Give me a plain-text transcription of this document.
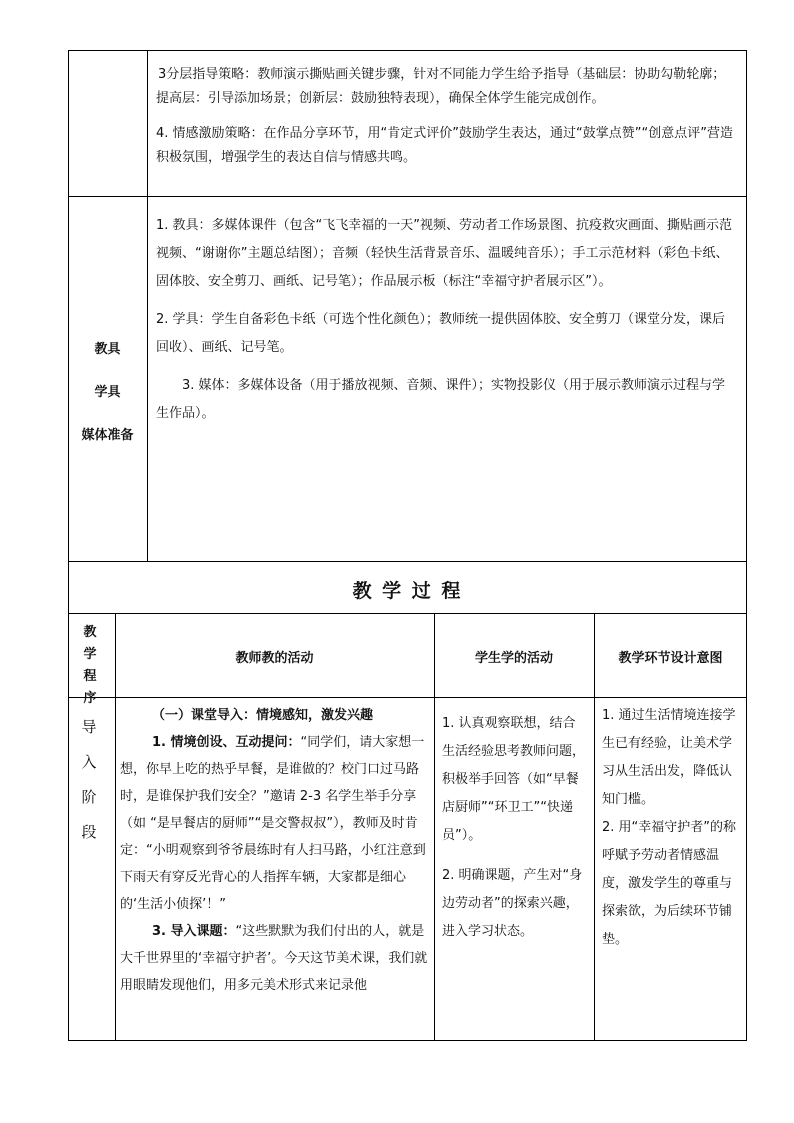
3分层指导策略：教师演示撕贴画关键步骤，针对不同能力学生给予指导（基础层：协助勾勒轮廓；提高层：引导添加场景；创新层：鼓励独特表现），确保全体学生能完成创作。

4. 情感激励策略：在作品分享环节，用“肯定式评价”鼓励学生表达，通过“鼓掌点赞”“创意点评”营造积极氛围，增强学生的表达自信与情感共鸣。

教具

学具

媒体准备

1. 教具：多媒体课件（包含“飞飞幸福的一天”视频、劳动者工作场景图、抗疫救灾画面、撕贴画示范视频、“谢谢你”主题总结图）；音频（轻快生活背景音乐、温暖纯音乐）；手工示范材料（彩色卡纸、固体胶、安全剪刀、画纸、记号笔）；作品展示板（标注“幸福守护者展示区”）。

2. 学具：学生自备彩色卡纸（可选个性化颜色）；教师统一提供固体胶、安全剪刀（课堂分发，课后回收）、画纸、记号笔。

3. 媒体：多媒体设备（用于播放视频、音频、课件）；实物投影仪（用于展示教师演示过程与学生作品）。

教 学 过 程
教学程序
教师教的活动	学生学的活动	教学环节设计意图
导入阶段

（一）课堂导入：情境感知，激发兴趣

1. 情境创设、互动提问：“同学们，请大家想一想，你早上吃的热乎早餐，是谁做的？校门口过马路时，是谁保护我们安全？”邀请 2-3 名学生举手分享（如 “是早餐店的厨师”“是交警叔叔”），教师及时肯定：“小明观察到爷爷晨练时有人扫马路，小红注意到下雨天有穿反光背心的人指挥车辆，大家都是细心的‘生活小侦探’！”

3. 导入课题：“这些默默为我们付出的人，就是大千世界里的‘幸福守护者’。今天这节美术课，我们就用眼睛发现他们，用多元美术形式来记录他

1. 认真观察联想，结合生活经验思考教师问题，积极举手回答（如“早餐店厨师”“环卫工”“快递员”）。

2. 明确课题，产生对“身边劳动者”的探索兴趣，进入学习状态。

1. 通过生活情境连接学生已有经验，让美术学习从生活出发，降低认知门槛。

2. 用“幸福守护者”的称呼赋予劳动者情感温度，激发学生的尊重与探索欲，为后续环节铺垫。
